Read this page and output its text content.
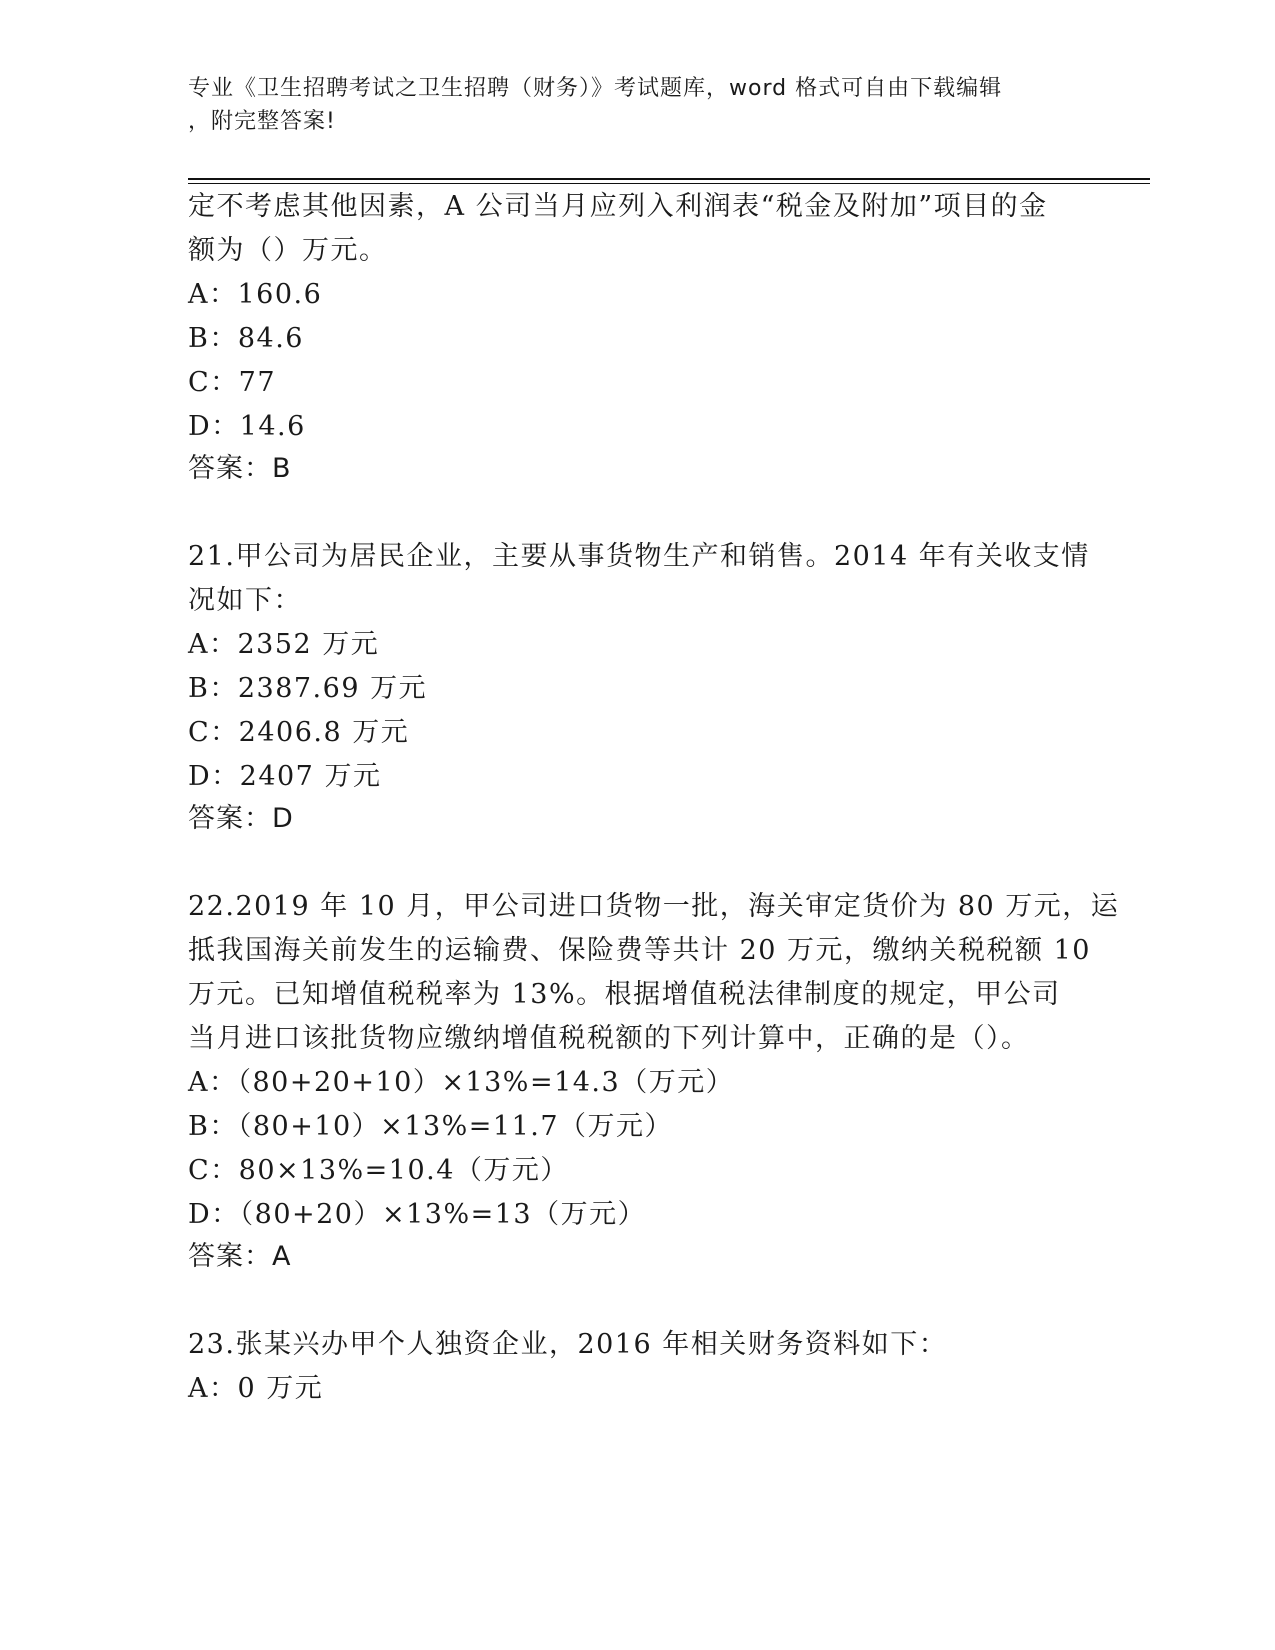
专业《卫生招聘考试之卫生招聘（财务）》考试题库，word 格式可自由下载编辑
，附完整答案!
定不考虑其他因素，A 公司当月应列入利润表“税金及附加”项目的金
额为（）万元。
A：160.6
B：84.6
C：77
D：14.6
答案：B
21.甲公司为居民企业，主要从事货物生产和销售。2014 年有关收支情
况如下：
A：2352 万元
B：2387.69 万元
C：2406.8 万元
D：2407 万元
答案：D
22.2019 年 10 月，甲公司进口货物一批，海关审定货价为 80 万元，运
抵我国海关前发生的运输费、保险费等共计 20 万元，缴纳关税税额 10
万元。已知增值税税率为 13%。根据增值税法律制度的规定，甲公司
当月进口该批货物应缴纳增值税税额的下列计算中，正确的是（）。
A：（80+20+10）×13%=14.3（万元）
B：（80+10）×13%=11.7（万元）
C：80×13%=10.4（万元）
D：（80+20）×13%=13（万元）
答案：A
23.张某兴办甲个人独资企业，2016 年相关财务资料如下：
A：0 万元
